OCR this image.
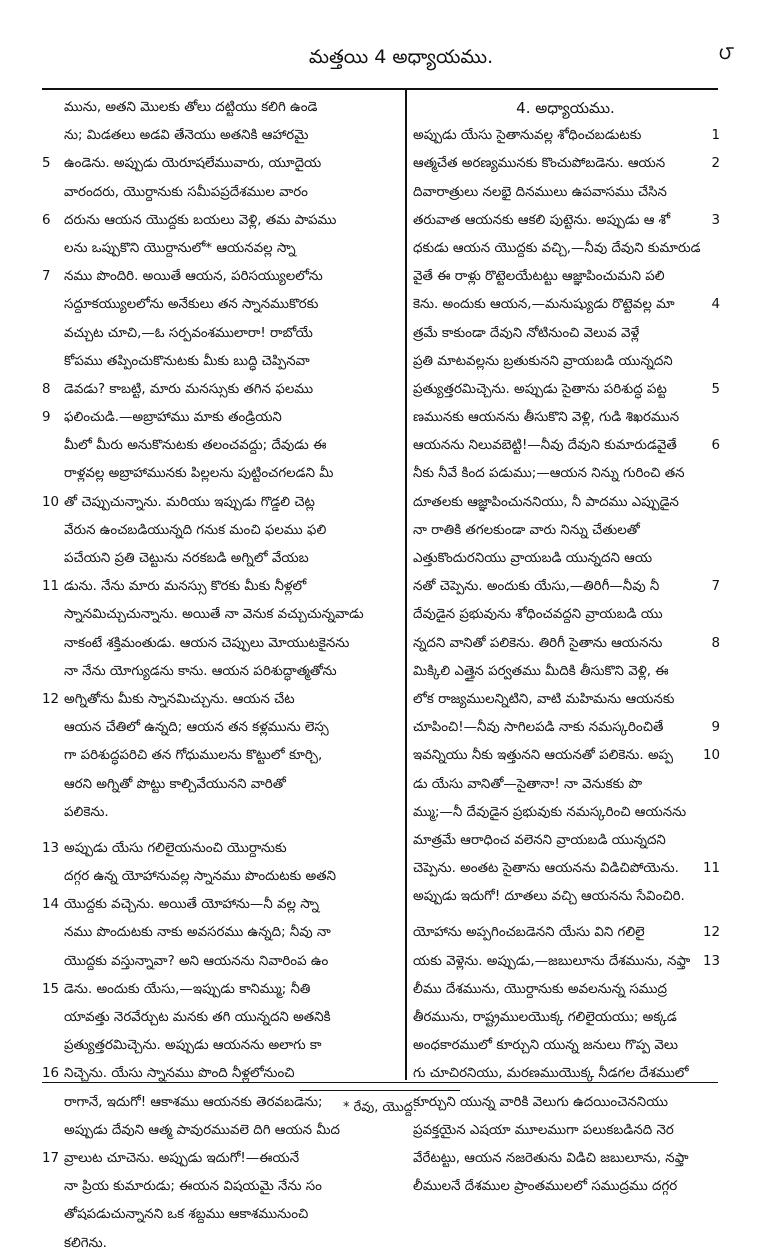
మత్తయి 4 అధ్యాయము.	౮
మును, అతని మొలకు తోలు దట్టియు కలిగి ఉండె
ను; మిడతలు అడవి తేనెయు అతనికి ఆహారమై
5 ఉండెను. అప్పుడు యెరూషలేమువారు, యూదైయ
వారందరు, యొర్దానుకు సమీపప్రదేశముల వారం
6 దరును ఆయన యొద్దకు బయలు వెళ్లి, తమ పాపము
లను ఒప్పుకొని యొర్దానులో* ఆయనవల్ల స్నా
7 నము పొందిరి. అయితే ఆయన, పరిసయ్యులలోను
సద్దూకయ్యులలోను అనేకులు తన స్నానముకొరకు
వచ్చుట చూచి,—ఓ సర్పవంశములారా! రాబోయే
కోపము తప్పించుకొనుటకు మీకు బుద్ధి చెప్పినవా
8 డెవడు? కాబట్టి, మారు మనస్సుకు తగిన ఫలము
9 ఫలించుడి.—అబ్రాహాము మాకు తండ్రియని
మీలో మీరు అనుకొనుటకు తలంచవద్దు; దేవుడు ఈ
రాళ్లవల్ల అబ్రాహామునకు పిల్లలను పుట్టించగలడని మీ
10 తో చెప్పుచున్నాను. మరియు ఇప్పుడు గొడ్డలి చెట్ల
వేరున ఉంచబడియున్నది గనుక మంచి ఫలము ఫలి
పచేయని ప్రతి చెట్టును నరకబడి అగ్నిలో వేయబ
11 డును. నేను మారు మనస్సు కొరకు మీకు నీళ్లలో
స్నానమిచ్చుచున్నాను. అయితే నా వెనుక వచ్చుచున్నవాడు
నాకంటే శక్తిమంతుడు. ఆయన చెప్పులు మోయుటకైనను
నా నేను యోగ్యుడను కాను. ఆయన పరిశుద్ధాత్మతోను
12 అగ్నితోను మీకు స్నానమిచ్చును. ఆయన చేట
ఆయన చేతిలో ఉన్నది; ఆయన తన కళ్లమును లెస్స
గా పరిశుద్ధపరిచి తన గోధుములను కొట్టులో కూర్చి,
ఆరని అగ్నితో పొట్టు కాల్చివేయునని వారితో
పలికెను.
13 అప్పుడు యేసు గలిలైయనుంచి యొర్దానుకు
దగ్గర ఉన్న యోహానువల్ల స్నానము పొందుటకు అతని
14 యొద్దకు వచ్చెను. అయితే యోహాను—నీ వల్ల స్నా
నము పొందుటకు నాకు అవసరము ఉన్నది; నీవు నా
యొద్దకు వస్తున్నావా? అని ఆయనను నివారింప ఉం
15 డెను. అందుకు యేసు,—ఇప్పుడు కానిమ్ము; నీతి
యావత్తు నెరవేర్చుట మనకు తగి యున్నదని అతనికి
ప్రత్యుత్తరమిచ్చెను. అప్పుడు ఆయనను అలాగు కా
16 నిచ్చెను. యేసు స్నానము పొంది నీళ్లలోనుంచి
రాగానే, ఇదుగో! ఆకాశము ఆయనకు తెరవబడెను;
అప్పుడు దేవుని ఆత్మ పావురమువలె దిగి ఆయన మీద
17 వ్రాలుట చూచెను. అప్పుడు ఇదుగో!—ఈయనే
నా ప్రియ కుమారుడు; ఈయన విషయమై నేను సం
తోషపడుచున్నానని ఒక శబ్దము ఆకాశమునుంచి
కలిగెను.
4. అధ్యాయము.
అప్పుడు యేసు సైతానువల్ల శోధించబడుటకు
ఆత్మచేత అరణ్యమునకు కొంచుపోబడెను. ఆయన
దివారాత్రులు నలభై దినములు ఉపవాసము చేసిన
తరువాత ఆయనకు ఆకలి పుట్టెను. అప్పుడు ఆ శో
ధకుడు ఆయన యొద్దకు వచ్చి,—నీవు దేవుని కుమారుడ
వైతే ఈ రాళ్లు రొట్టెలయేటట్టు ఆజ్ఞాపించుమని పలి
కెను. అందుకు ఆయన,—మనుష్యుడు రొట్టెవల్ల మా
త్రమే కాకుండా దేవుని నోటినుంచి వెలువ వెళ్లే
ప్రతి మాటవల్లను బ్రతుకునని వ్రాయబడి యున్నదని
ప్రత్యుత్తరమిచ్చెను. అప్పుడు సైతాను పరిశుద్ధ పట్ట
ణమునకు ఆయనను తీసుకొని వెళ్లి, గుడి శిఖరమున
ఆయనను నిలువబెట్టి!—నీవు దేవుని కుమారుడవైతే
నీకు నీవే కింద పడుము;—ఆయన నిన్ను గురించి తన
దూతలకు ఆజ్ఞాపించుననియు, నీ పాదము ఎప్పుడైన
నా రాతికి తగలకుండా వారు నిన్ను చేతులతో
ఎత్తుకొందురనియు వ్రాయబడి యున్నదని ఆయ
నతో చెప్పెను. అందుకు యేసు,—తిరిగీ—నీవు నీ
దేవుడైన ప్రభువును శోధించవద్దని వ్రాయబడి యు
న్నదని వానితో పలికెను. తిరిగీ సైతాను ఆయనను
మిక్కిలి ఎత్తైన పర్వతము మీదికి తీసుకొని వెళ్లి, ఈ
లోక రాజ్యములన్నిటిని, వాటి మహిమను ఆయనకు
చూపించి!—నీవు సాగిలపడి నాకు నమస్కరించితే
ఇవన్నియు నీకు ఇత్తునని ఆయనతో పలికెను. అప్ప
డు యేసు వానితో—సైతానా! నా వెనుకకు పొ
మ్ము;—నీ దేవుడైన ప్రభువుకు నమస్కరించి ఆయనను
మాత్రమే ఆరాధించ వలెనని వ్రాయబడి యున్నదని
చెప్పెను. అంతట సైతాను ఆయనను విడిచిపోయెను.
అప్పుడు ఇదుగో! దూతలు వచ్చి ఆయనను సేవించిరి.
యోహాను అప్పగించబడెనని యేసు విని గలిలై
యకు వెళ్లెను. అప్పుడు,—జబులూను దేశమును, నఫ్తా
లీము దేశమును, యొర్దానుకు అవలనున్న సముద్ర
తీరమును, రాష్ట్రములయొక్క గలిలైయయు; అక్కడ
అంధకారములో కూర్చుని యున్న జనులు గొప్ప వెలు
గు చూచిరనియు, మరణముయొక్క నీడగల దేశములో
కూర్చుని యున్న వారికి వెలుగు ఉదయించెననియు
ప్రవక్తయైన ఎషయా మూలముగా పలుకబడినది నెర
వేరేటట్టు, ఆయన నజరెతును విడిచి జబులూను, నఫ్తా
లీములనే దేశముల ప్రాంతములలో సముద్రము దగ్గర
* రేవు, యొద్ద.
1
2
3
4
5
6
7
8
9
10
11
12
13
